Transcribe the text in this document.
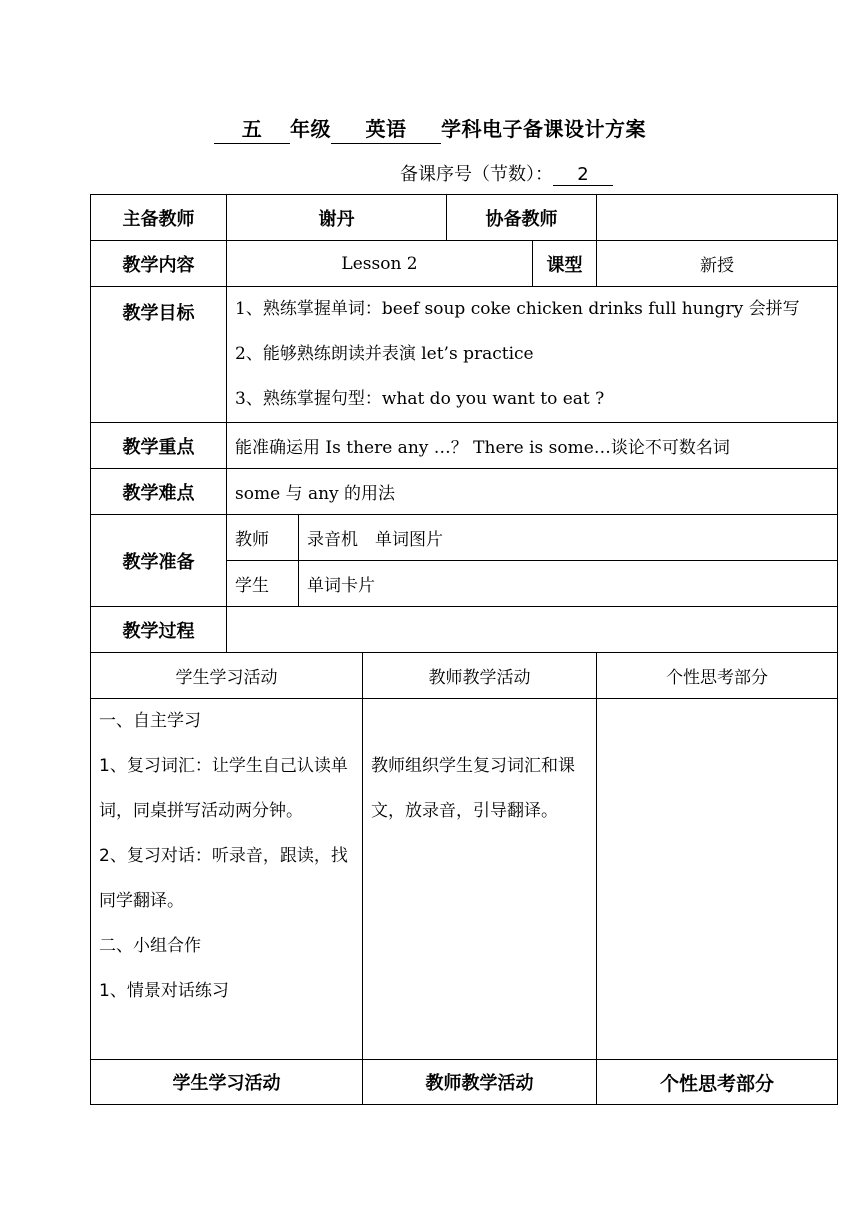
五 年级 英语 学科电子备课设计方案
备课序号（节数）： 2
主备教师	谢丹			协备教师		
教学内容	Lesson 2				课型	新授
教学目标	1、熟练掌握单词：beef soup coke chicken drinks full hungry 会拼写
2、能够熟练朗读并表演 let’s practice
3、熟练掌握句型：what do you want to eat ?					

教学重点	能准确运用 Is there any …？ There is some…谈论不可数名词					
教学难点	some 与 any 的用法					
教学准备	教师	录音机　单词图片				
	学生	单词卡片				
教学过程						
学生学习活动			教师教学活动			个性思考部分

一、自主学习
1、复习词汇：让学生自己认读单词，同桌拼写活动两分钟。
2、复习对话：听录音，跟读，找同学翻译。
二、小组合作
1、情景对话练习			教师组织学生复习词汇和课文，放录音，引导翻译。			

学生学习活动			教师教学活动			个性思考部分
